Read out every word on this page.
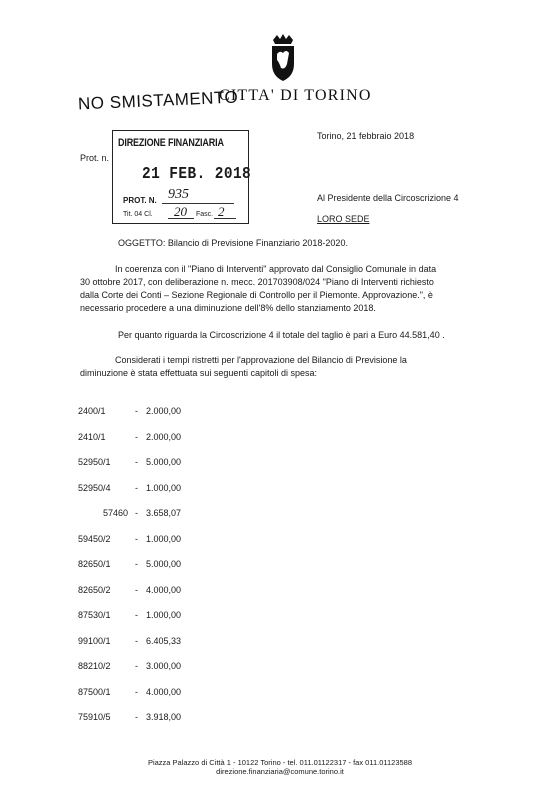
NO SMISTAMENTO
CITTA' DI TORINO
Torino, 21 febbraio 2018
Prot. n.
DIREZIONE FINANZIARIA
21 FEB. 2018
PROT. N. 935
Tit. 04 Cl. 20 Fasc. 2
Al Presidente della Circoscrizione 4
LORO SEDE
OGGETTO: Bilancio di Previsione Finanziario 2018-2020.
In coerenza con il "Piano di Interventi" approvato dal Consiglio Comunale in data 30 ottobre 2017, con deliberazione n. mecc. 201703908/024 "Piano di Interventi richiesto dalla Corte dei Conti – Sezione Regionale di Controllo per il Piemonte. Approvazione.", è necessario procedere a una diminuzione dell'8% dello stanziamento 2018.
Per quanto riguarda la Circoscrizione 4 il totale del taglio è pari a Euro 44.581,40 .
Considerati i tempi ristretti per l'approvazione del Bilancio di Previsione la diminuzione è stata effettuata sui seguenti capitoli di spesa:
2400/1	- 2.000,00
2410/1	- 2.000,00
52950/1	- 5.000,00
52950/4	- 1.000,00
57460 - 3.658,07
59450/2	- 1.000,00
82650/1	- 5.000,00
82650/2	- 4.000,00
87530/1	- 1.000,00
99100/1	- 6.405,33
88210/2	- 3.000,00
87500/1	- 4.000,00
75910/5	- 3.918,00
Piazza Palazzo di Città 1 - 10122 Torino - tel. 011.01122317 - fax 011.01123588
direzione.finanziaria@comune.torino.it
